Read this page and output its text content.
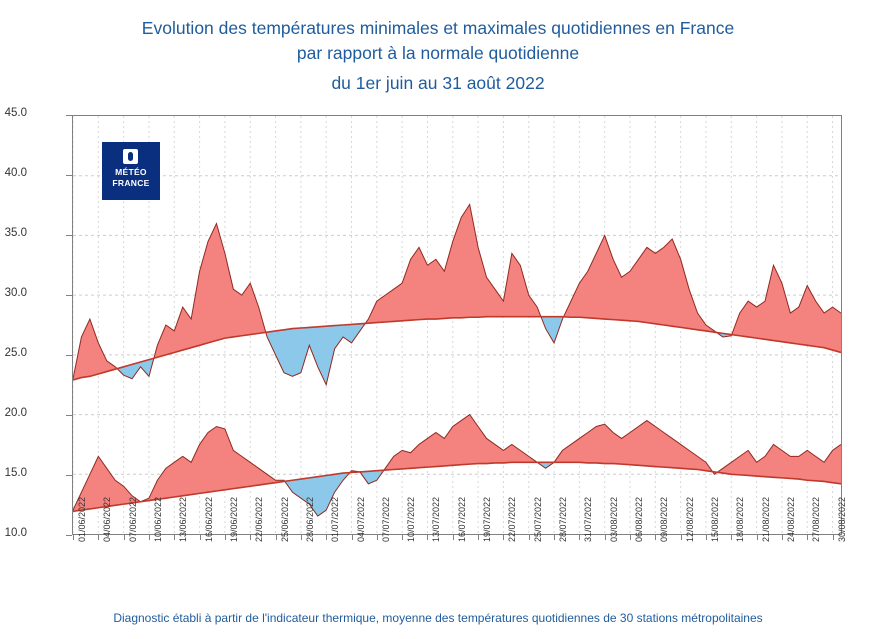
Evolution des températures minimales et maximales quotidiennes en France
par rapport à la normale quotidienne
du 1er juin au 31 août 2022
MÉTÉO
FRANCE
10.0
15.0
20.0
25.0
30.0
35.0
40.0
45.0
01/06/2022 04/06/2022 07/06/2022 10/06/2022 13/06/2022 16/06/2022 19/06/2022 22/06/2022 25/06/2022 28/06/2022 01/07/2022 04/07/2022 07/07/2022 10/07/2022 13/07/2022 16/07/2022 19/07/2022 22/07/2022 25/07/2022 28/07/2022 31/07/2022 03/08/2022 06/08/2022 09/08/2022 12/08/2022 15/08/2022 18/08/2022 21/08/2022 24/08/2022 27/08/2022 30/08/2022
Diagnostic établi à partir de l'indicateur thermique, moyenne des températures quotidiennes de 30 stations métropolitaines
